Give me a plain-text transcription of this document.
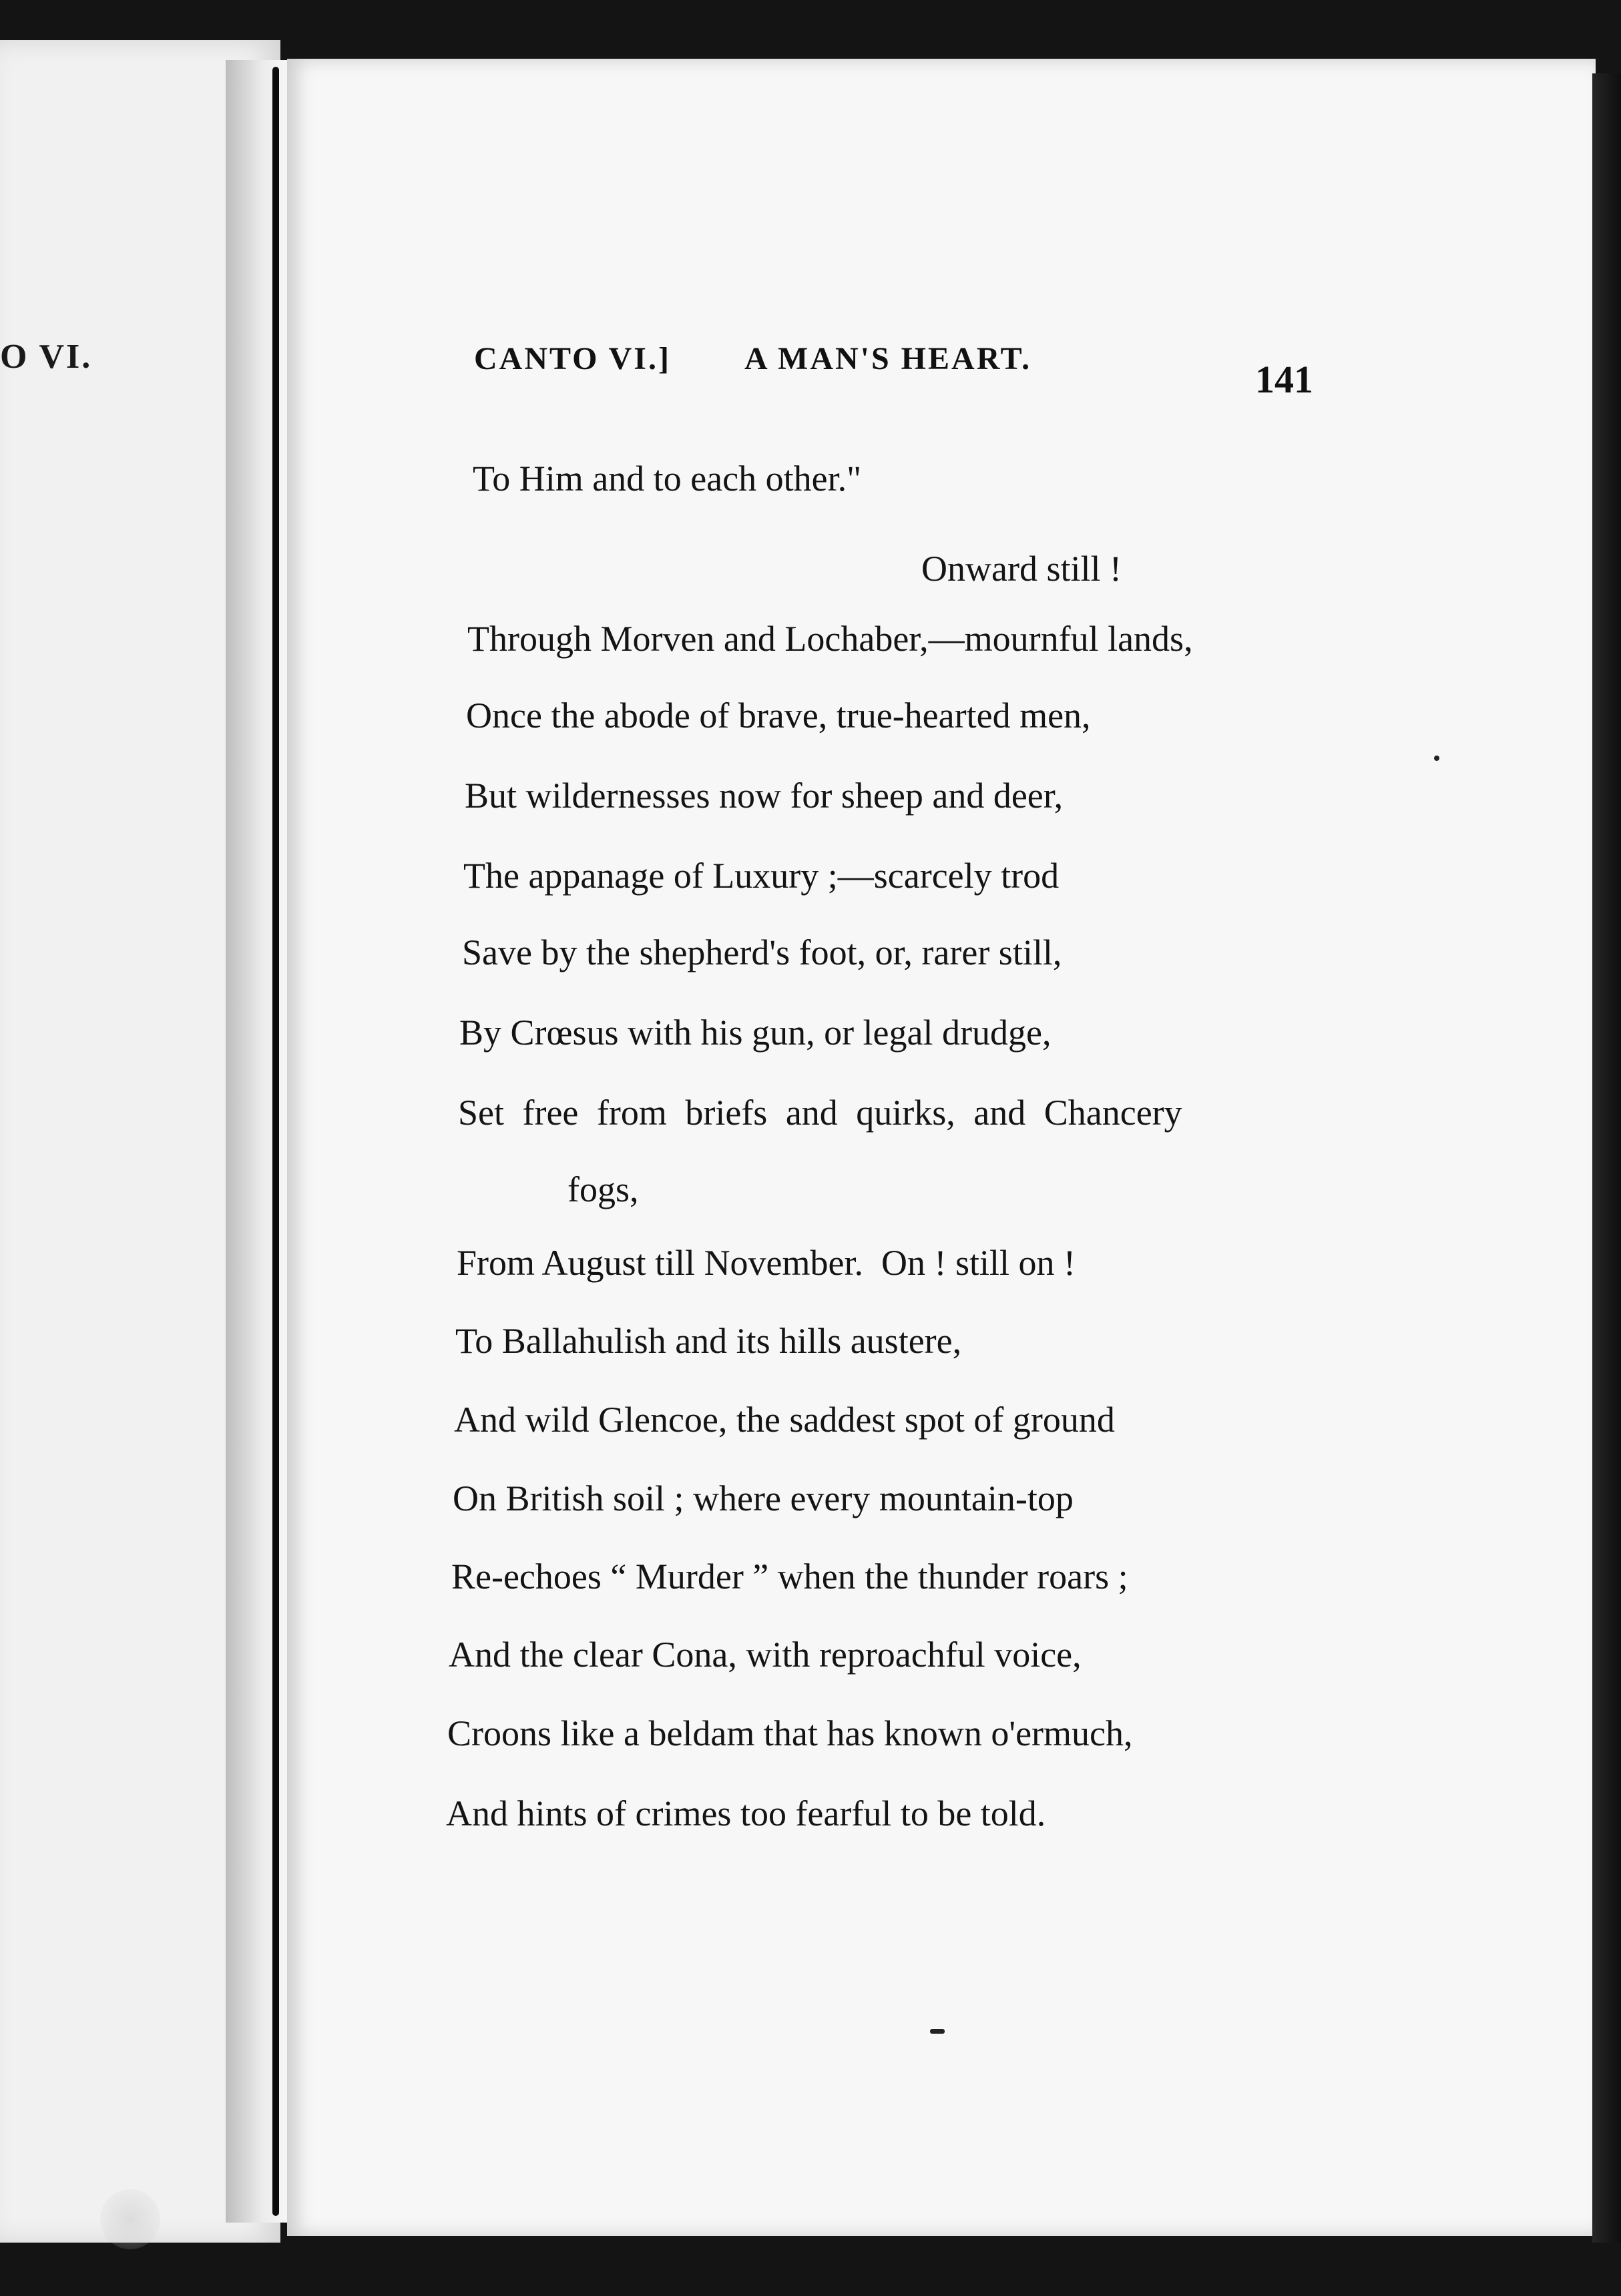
O VI.	CANTO VI.] A MAN'S HEART.	141
To Him and to each other."
Onward still !
Through Morven and Lochaber,—mournful lands,
Once the abode of brave, true-hearted men,
But wildernesses now for sheep and deer,
The appanage of Luxury ;—scarcely trod
Save by the shepherd's foot, or, rarer still,
By Crœsus with his gun, or legal drudge,
Set free from briefs and quirks, and Chancery
fogs,
From August till November.  On ! still on !
To Ballahulish and its hills austere,
And wild Glencoe, the saddest spot of ground
On British soil ; where every mountain-top
Re-echoes “ Murder ” when the thunder roars ;
And the clear Cona, with reproachful voice,
Croons like a beldam that has known o'ermuch,
And hints of crimes too fearful to be told.
